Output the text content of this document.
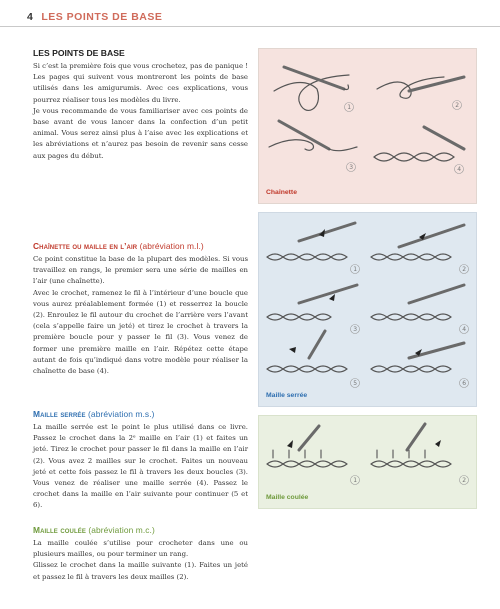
4 LES POINTS DE BASE
LES POINTS DE BASE

Si c’est la première fois que vous crochetez, pas de panique ! Les pages qui suivent vous montreront les points de base utilisés dans les amigurumis. Avec ces explications, vous pourrez réaliser tous les modèles du livre.

Je vous recommande de vous familiariser avec ces points de base avant de vous lancer dans la confection d’un petit animal. Vous serez ainsi plus à l’aise avec les explications et les abréviations et n’aurez pas besoin de revenir sans cesse aux pages du début.

Chaînette ou maille en l’air (abréviation m.l.)

Ce point constitue la base de la plupart des modèles. Si vous travaillez en rangs, le premier sera une série de mailles en l’air (une chaînette).

Avec le crochet, ramenez le fil à l’intérieur d’une boucle que vous aurez préalablement formée (1) et resserrez la boucle (2). Enroulez le fil autour du crochet de l’arrière vers l’avant (cela s’appelle faire un jeté) et tirez le crochet à travers la première boucle pour y passer le fil (3). Vous venez de former une première maille en l’air. Répétez cette étape autant de fois qu’indiqué dans votre modèle pour réaliser la chaînette de base (4).

Maille serrée (abréviation m.s.)

La maille serrée est le point le plus utilisé dans ce livre. Passez le crochet dans la 2ᵉ maille en l’air (1) et faites un jeté. Tirez le crochet pour passer le fil dans la maille en l’air (2). Vous avez 2 mailles sur le crochet. Faites un nouveau jeté et cette fois passez le fil à travers les deux boucles (3). Vous venez de réaliser une maille serrée (4). Passez le crochet dans la maille en l’air suivante pour continuer (5 et 6).

Maille coulée (abréviation m.c.)

La maille coulée s’utilise pour crocheter dans une ou plusieurs mailles, ou pour terminer un rang.

Glissez le crochet dans la maille suivante (1). Faites un jeté et passez le fil à travers les deux mailles (2).

1	2
3	4
Chaînette
1	2
3	4
5	6
Maille serrée
1	2
Maille coulée
